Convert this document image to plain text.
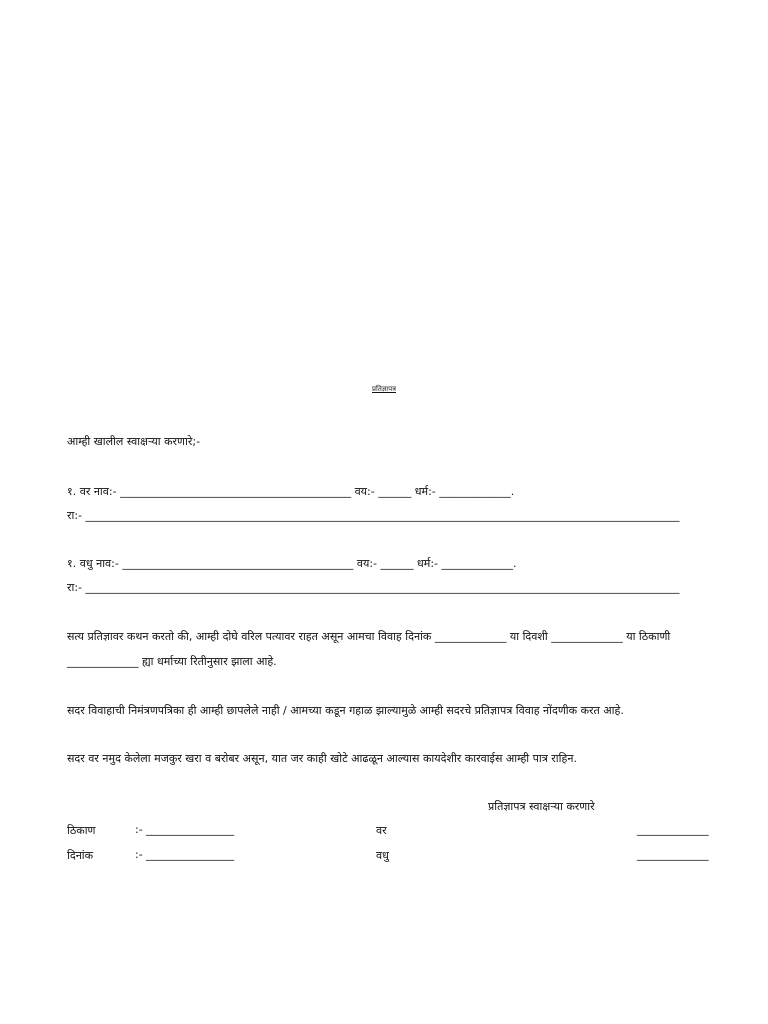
प्रतिज्ञापत्र
आम्ही खालील स्वाक्षऱ्या करणारे;-
१. वर नाव:- __________________________________________ वय:- ______ धर्म:- _____________.
रा:- ____________________________________________________________________________________________________________
१. वधु नाव:- __________________________________________ वय:- ______ धर्म:- _____________.
रा:- ____________________________________________________________________________________________________________
सत्य प्रतिज्ञावर कथन करतो की, आम्ही दोघे वरिल पत्यावर राहत असून आमचा विवाह दिनांक _____________ या दिवशी _____________ या ठिकाणी
_____________ ह्या धर्माच्या रितीनुसार झाला आहे.
सदर विवाहाची निमंत्रणपत्रिका ही आम्ही छापलेले नाही / आमच्या कडून गहाळ झाल्यामुळे आम्ही सदरचे प्रतिज्ञापत्र विवाह नोंदणीक करत आहे.
सदर वर नमुद केलेला मजकुर खरा व बरोबर असून, यात जर काही खोटे आढळून आल्यास कायदेशीर कारवाईस आम्ही पात्र राहिन.
प्रतिज्ञापत्र स्वाक्षऱ्या करणारे
ठिकाण	:- ________________	वर	_____________
दिनांक	:- ________________	वधु	_____________
